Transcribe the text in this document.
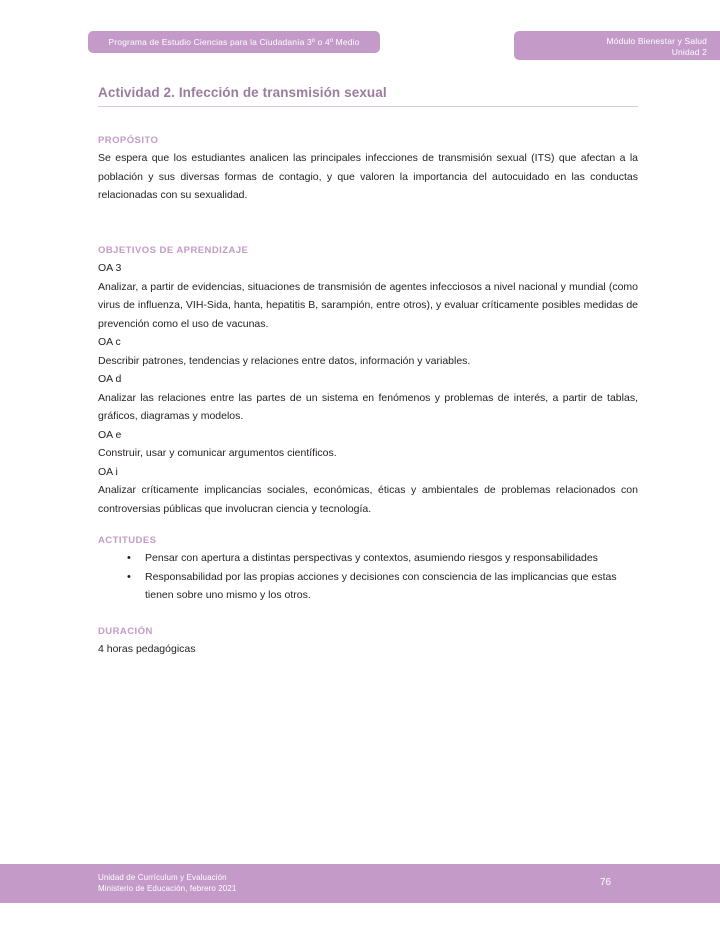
Programa de Estudio Ciencias para la Ciudadanía 3º o 4º Medio	Módulo Bienestar y Salud
Unidad 2
Actividad 2. Infección de transmisión sexual
PROPÓSITO

Se espera que los estudiantes analicen las principales infecciones de transmisión sexual (ITS) que afectan a la población y sus diversas formas de contagio, y que valoren la importancia del autocuidado en las conductas relacionadas con su sexualidad.

OBJETIVOS DE APRENDIZAJE

OA 3

Analizar, a partir de evidencias, situaciones de transmisión de agentes infecciosos a nivel nacional y mundial (como virus de influenza, VIH-Sida, hanta, hepatitis B, sarampión, entre otros), y evaluar críticamente posibles medidas de prevención como el uso de vacunas.

OA c

Describir patrones, tendencias y relaciones entre datos, información y variables.

OA d

Analizar las relaciones entre las partes de un sistema en fenómenos y problemas de interés, a partir de tablas, gráficos, diagramas y modelos.

OA e

Construir, usar y comunicar argumentos científicos.

OA i

Analizar críticamente implicancias sociales, económicas, éticas y ambientales de problemas relacionados con controversias públicas que involucran ciencia y tecnología.

ACTITUDES
• Pensar con apertura a distintas perspectivas y contextos, asumiendo riesgos y responsabilidades
• Responsabilidad por las propias acciones y decisiones con consciencia de las implicancias que estas tienen sobre uno mismo y los otros.
DURACIÓN

4 horas pedagógicas

Unidad de Currículum y Evaluación
Ministerio de Educación, febrero 2021
76
